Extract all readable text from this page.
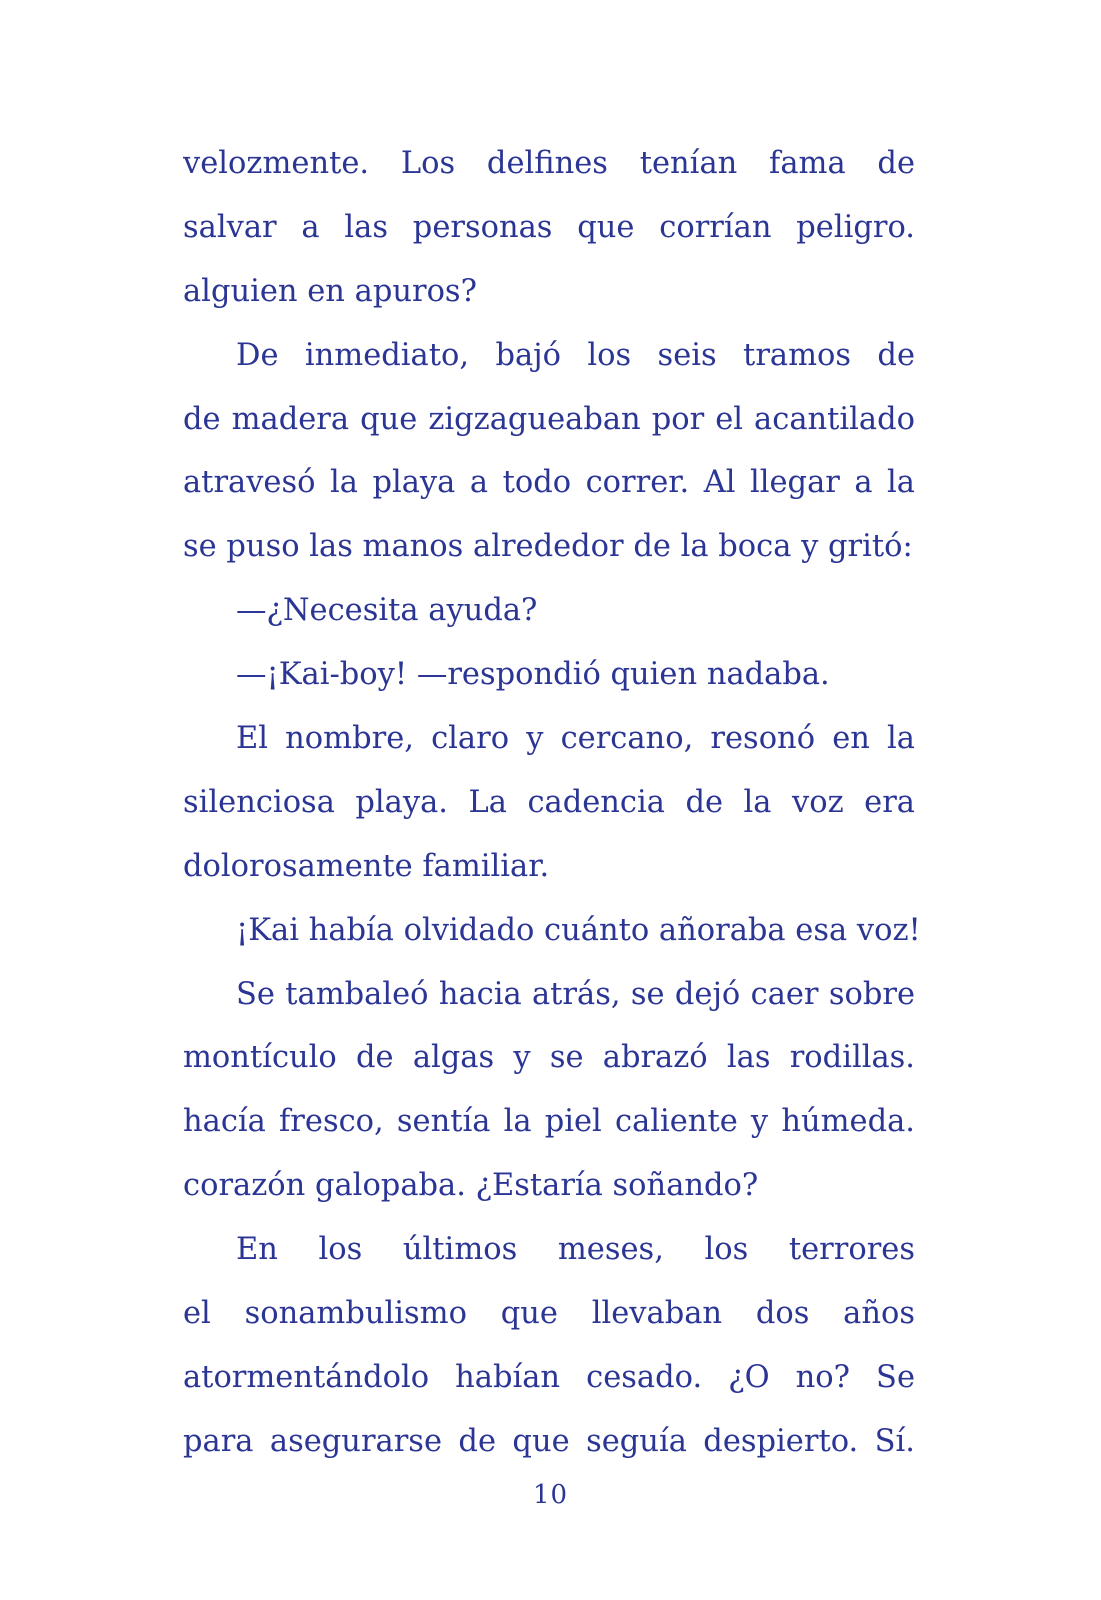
velozmente. Los delfines tenían fama de
salvar a las personas que corrían peligro.
alguien en apuros?
De inmediato, bajó los seis tramos de
de madera que zigzagueaban por el acantilado
atravesó la playa a todo correr. Al llegar a la
se puso las manos alrededor de la boca y gritó:
—¿Necesita ayuda?
—¡Kai-boy! —respondió quien nadaba.
El nombre, claro y cercano, resonó en la
silenciosa playa. La cadencia de la voz era
dolorosamente familiar.
¡Kai había olvidado cuánto añoraba esa voz!
Se tambaleó hacia atrás, se dejó caer sobre
montículo de algas y se abrazó las rodillas.
hacía fresco, sentía la piel caliente y húmeda.
corazón galopaba. ¿Estaría soñando?
En los últimos meses, los terrores
el sonambulismo que llevaban dos años
atormentándolo habían cesado. ¿O no? Se
para asegurarse de que seguía despierto. Sí.
10
